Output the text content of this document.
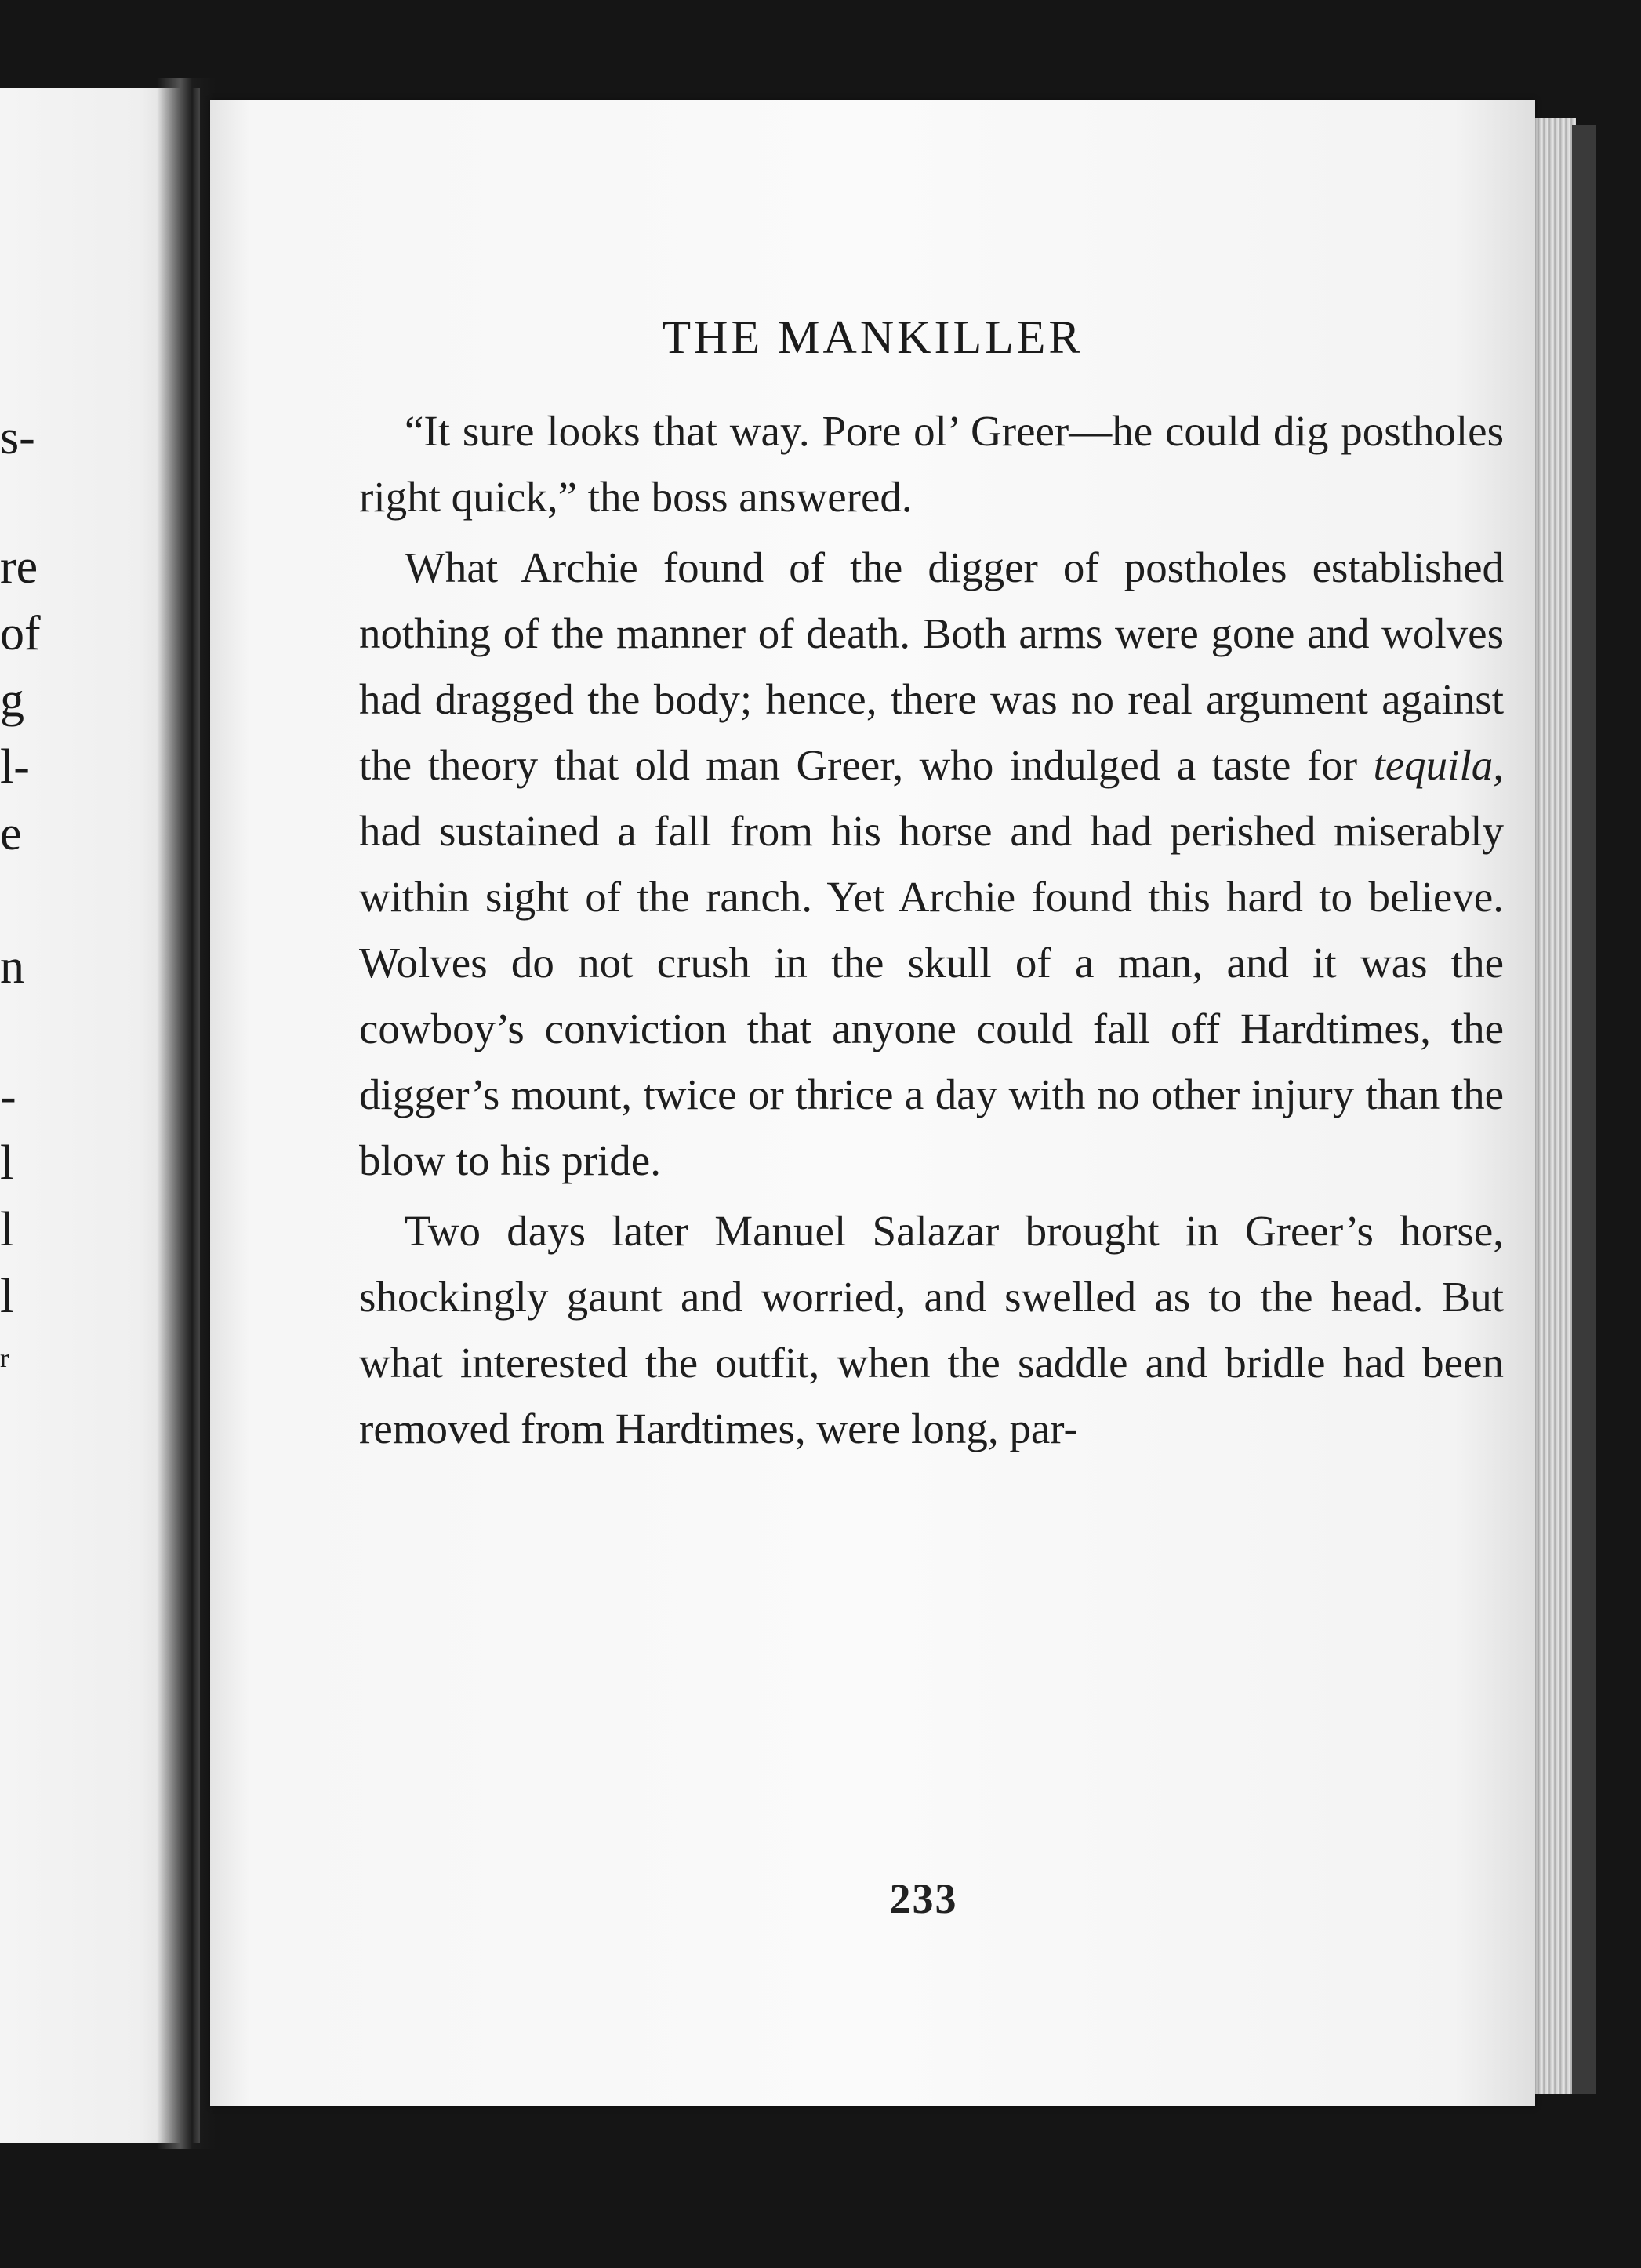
s-
re
of
g
l-
e
n
-
l
l
l
r
THE MANKILLER

“It sure looks that way. Pore ol’ Greer—he could dig postholes right quick,” the boss answered.

What Archie found of the digger of postholes established nothing of the manner of death. Both arms were gone and wolves had dragged the body; hence, there was no real argument against the theory that old man Greer, who indulged a taste for tequila, had sustained a fall from his horse and had perished miserably within sight of the ranch. Yet Archie found this hard to believe. Wolves do not crush in the skull of a man, and it was the cowboy’s conviction that anyone could fall off Hardtimes, the digger’s mount, twice or thrice a day with no other injury than the blow to his pride.

Two days later Manuel Salazar brought in Greer’s horse, shockingly gaunt and worried, and swelled as to the head. But what interested the outfit, when the saddle and bridle had been removed from Hardtimes, were long, par-

233
